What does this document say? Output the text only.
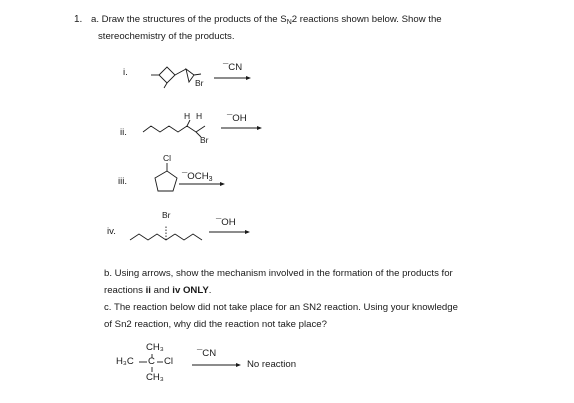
1. a. Draw the structures of the products of the $S_N2$ reactions shown below. Show the
stereochemistry of the products.
b. Using arrows, show the mechanism involved in the formation of the products for
reactions ii and iv ONLY.
c. The reaction below did not take place for an SN2 reaction. Using your knowledge
of Sn2 reaction, why did the reaction not take place?
i.
Br
¯CN
ii.
H H
Br
¯OH
iii.
Cl
$¯OCH_3$
iv.
Br
¯OH
CH₃
H₃C C Cl
CH₃
¯CN
No reaction
